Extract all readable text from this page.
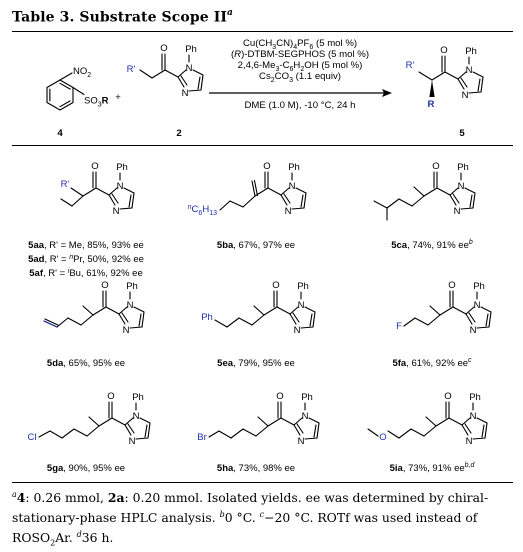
Table 3. Substrate Scope $II^a$
$NO_2$
$SO_3R$
4
+
R'
O
N
N
Ph
2
$Cu(CH_3CN)_4PF_6$ (5 mol %)
(R)-DTBM-SEGPHOS (5 mol %)
$2,4,6-Me_3-C_6H_2OH$ (5 mol %)
$Cs_2CO_3$ (1.1 equiv)
DME (1.0 M), -10 °C, 24 h
R'
O
N
N
Ph
R
5
O
N
N
Ph
R'
5aa, R' = Me, 85%, 93% ee
5ad, R' = $^n$Pr, 50%, 92% ee
5af, R' = $^i$Bu, 61%, 92% ee
O
N
N
Ph
$^nC_6H_{13}$
5ba, 67%, 97% ee
O
N
N
Ph
5ca, 74%, 91% $ee^b$
O
N
N
Ph
5da, 65%, 95% ee
O
N
N
Ph
Ph
5ea, 79%, 95% ee
O
N
N
Ph
F
5fa, 61%, 92% $ee^c$
O
N
N
Ph
Cl
5ga, 90%, 95% ee
O
N
N
Ph
Br
5ha, 73%, 98% ee
O
N
N
Ph
O
5ia, 73%, 91% ee$^{b,d}$
$^a$4: 0.26 mmol, 2a: 0.20 mmol. Isolated yields. ee was determined by chiral-stationary-phase HPLC analysis. $^b$0 °C. $^c$−20 °C. ROTf was used instead of $ROSO_2Ar$. $^d$36 h.
